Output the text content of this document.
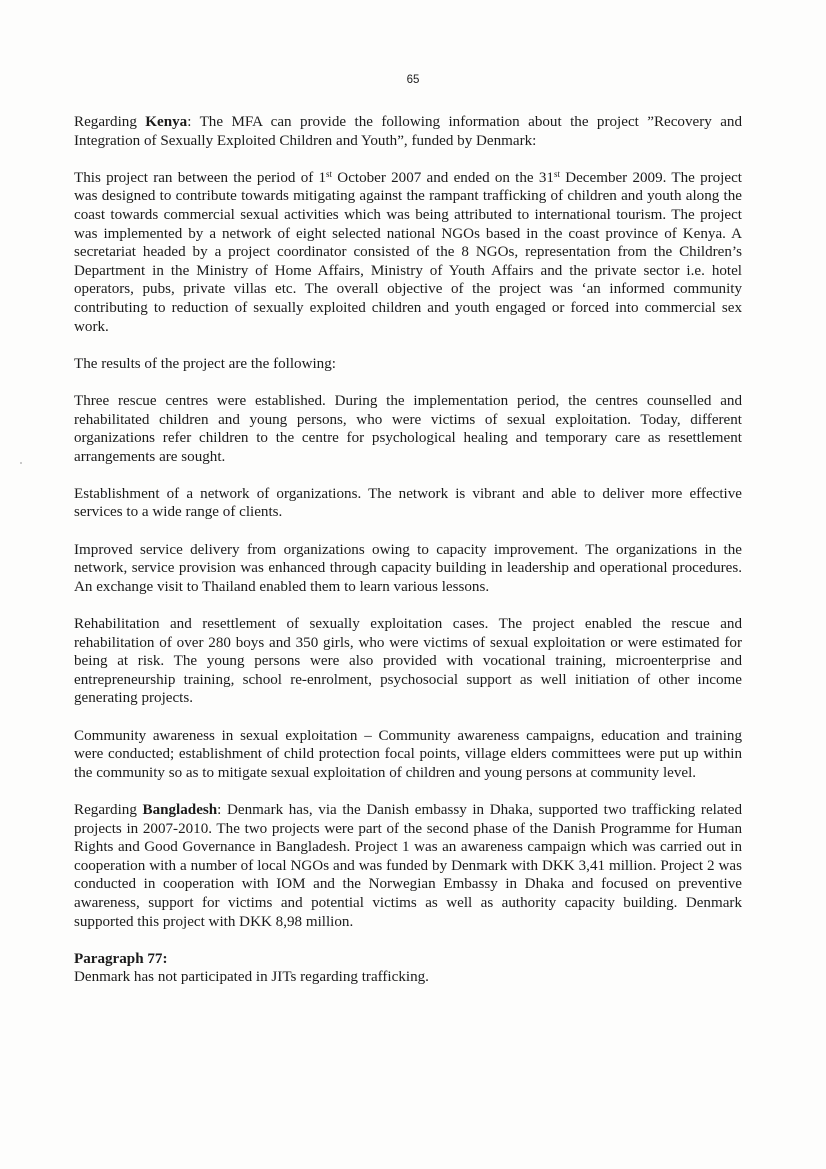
65

Regarding Kenya: The MFA can provide the following information about the project ”Recovery and Integration of Sexually Exploited Children and Youth”, funded by Denmark:

This project ran between the period of 1st October 2007 and ended on the 31st December 2009. The project was designed to contribute towards mitigating against the rampant trafficking of children and youth along the coast towards commercial sexual activities which was being attributed to international tourism. The project was implemented by a network of eight selected national NGOs based in the coast province of Kenya. A secretariat headed by a project coordinator consisted of the 8 NGOs, representation from the Children’s Department in the Ministry of Home Affairs, Ministry of Youth Affairs and the private sector i.e. hotel operators, pubs, private villas etc. The overall objective of the project was ‘an informed community contributing to reduction of sexually exploited children and youth engaged or forced into commercial sex work.

The results of the project are the following:

Three rescue centres were established. During the implementation period, the centres counselled and rehabilitated children and young persons, who were victims of sexual exploitation. Today, different organizations refer children to the centre for psychological healing and temporary care as resettlement arrangements are sought.

Establishment of a network of organizations. The network is vibrant and able to deliver more effective services to a wide range of clients.

Improved service delivery from organizations owing to capacity improvement. The organizations in the network, service provision was enhanced through capacity building in leadership and operational procedures. An exchange visit to Thailand enabled them to learn various lessons.

Rehabilitation and resettlement of sexually exploitation cases. The project enabled the rescue and rehabilitation of over 280 boys and 350 girls, who were victims of sexual exploitation or were estimated for being at risk. The young persons were also provided with vocational training, microenterprise and entrepreneurship training, school re-enrolment, psychosocial support as well initiation of other income generating projects.

Community awareness in sexual exploitation – Community awareness campaigns, education and training were conducted; establishment of child protection focal points, village elders committees were put up within the community so as to mitigate sexual exploitation of children and young persons at community level.

Regarding Bangladesh: Denmark has, via the Danish embassy in Dhaka, supported two trafficking related projects in 2007-2010. The two projects were part of the second phase of the Danish Programme for Human Rights and Good Governance in Bangladesh. Project 1 was an awareness campaign which was carried out in cooperation with a number of local NGOs and was funded by Denmark with DKK 3,41 million. Project 2 was conducted in cooperation with IOM and the Norwegian Embassy in Dhaka and focused on preventive awareness, support for victims and potential victims as well as authority capacity building. Denmark supported this project with DKK 8,98 million.

Paragraph 77:

Denmark has not participated in JITs regarding trafficking.
